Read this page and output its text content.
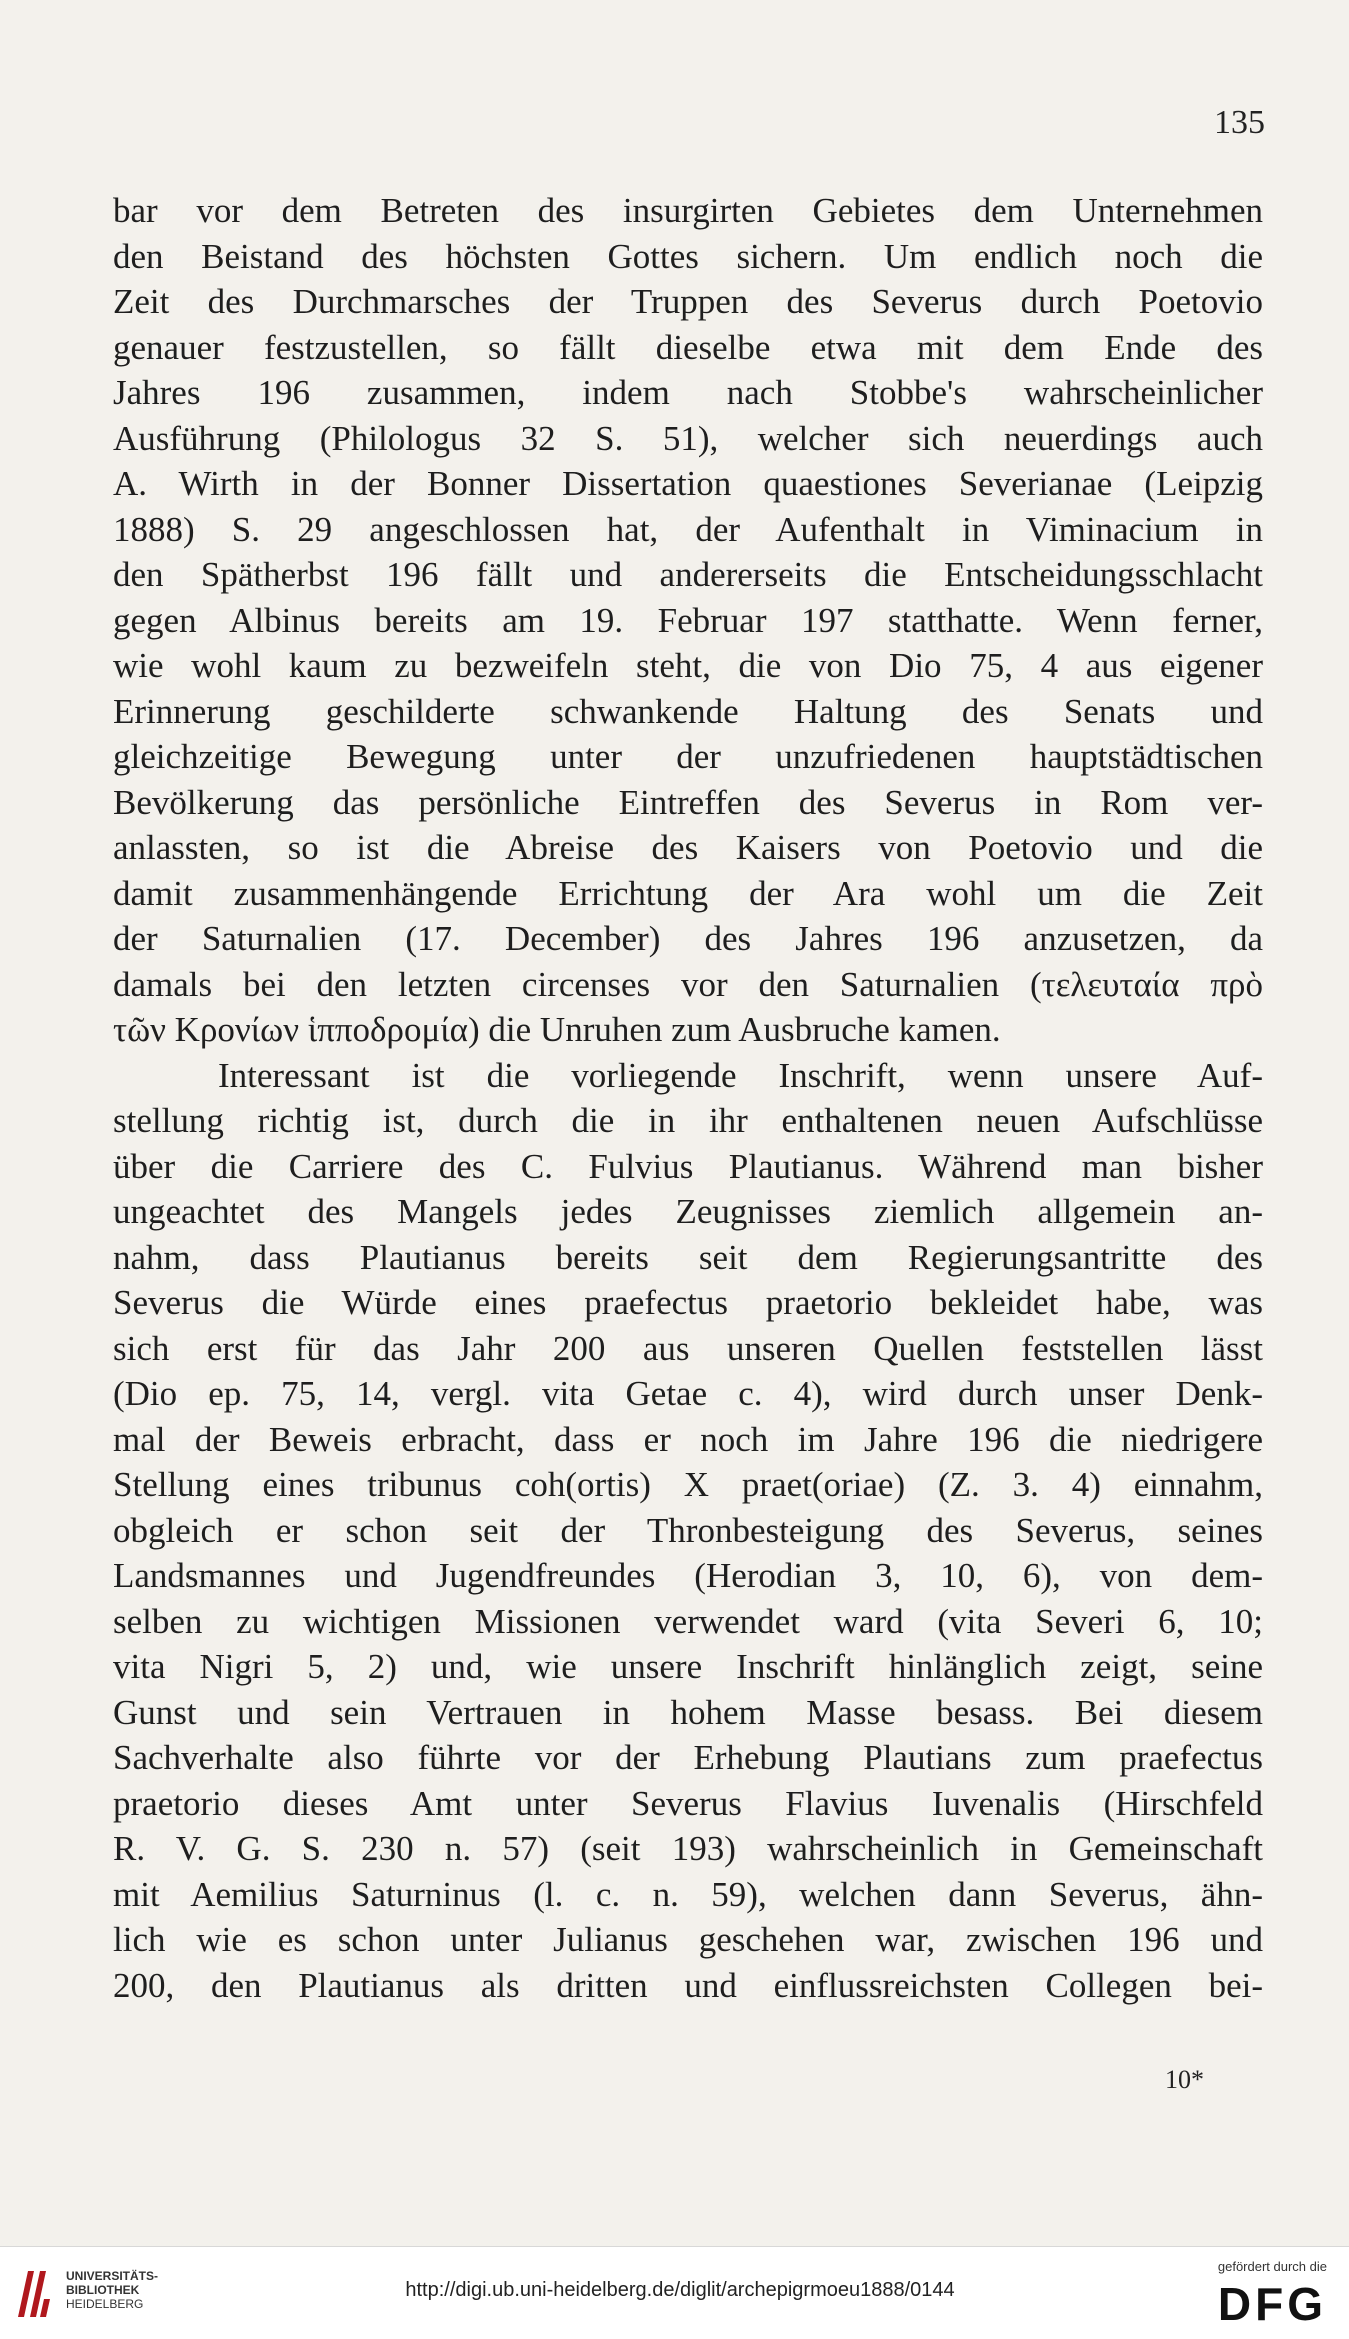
135
bar vor dem Betreten des insurgirten Gebietes dem Unternehmen
den Beistand des höchsten Gottes sichern. Um endlich noch die
Zeit des Durchmarsches der Truppen des Severus durch Poetovio
genauer festzustellen, so fällt dieselbe etwa mit dem Ende des
Jahres 196 zusammen, indem nach Stobbe's wahrscheinlicher
Ausführung (Philologus 32 S. 51), welcher sich neuerdings auch
A. Wirth in der Bonner Dissertation quaestiones Severianae (Leipzig
1888) S. 29 angeschlossen hat, der Aufenthalt in Viminacium in
den Spätherbst 196 fällt und andererseits die Entscheidungsschlacht
gegen Albinus bereits am 19. Februar 197 statthatte. Wenn ferner,
wie wohl kaum zu bezweifeln steht, die von Dio 75, 4 aus eigener
Erinnerung geschilderte schwankende Haltung des Senats und
gleichzeitige Bewegung unter der unzufriedenen hauptstädtischen
Bevölkerung das persönliche Eintreffen des Severus in Rom ver-
anlassten, so ist die Abreise des Kaisers von Poetovio und die
damit zusammenhängende Errichtung der Ara wohl um die Zeit
der Saturnalien (17. December) des Jahres 196 anzusetzen, da
damals bei den letzten circenses vor den Saturnalien (τελευταία πρὸ
τῶν Κρονίων ἱπποδρομία) die Unruhen zum Ausbruche kamen.
Interessant ist die vorliegende Inschrift, wenn unsere Auf-
stellung richtig ist, durch die in ihr enthaltenen neuen Aufschlüsse
über die Carriere des C. Fulvius Plautianus. Während man bisher
ungeachtet des Mangels jedes Zeugnisses ziemlich allgemein an-
nahm, dass Plautianus bereits seit dem Regierungsantritte des
Severus die Würde eines praefectus praetorio bekleidet habe, was
sich erst für das Jahr 200 aus unseren Quellen feststellen lässt
(Dio ep. 75, 14, vergl. vita Getae c. 4), wird durch unser Denk-
mal der Beweis erbracht, dass er noch im Jahre 196 die niedrigere
Stellung eines tribunus coh(ortis) X praet(oriae) (Z. 3. 4) einnahm,
obgleich er schon seit der Thronbesteigung des Severus, seines
Landsmannes und Jugendfreundes (Herodian 3, 10, 6), von dem-
selben zu wichtigen Missionen verwendet ward (vita Severi 6, 10;
vita Nigri 5, 2) und, wie unsere Inschrift hinlänglich zeigt, seine
Gunst und sein Vertrauen in hohem Masse besass. Bei diesem
Sachverhalte also führte vor der Erhebung Plautians zum praefectus
praetorio dieses Amt unter Severus Flavius Iuvenalis (Hirschfeld
R. V. G. S. 230 n. 57) (seit 193) wahrscheinlich in Gemeinschaft
mit Aemilius Saturninus (l. c. n. 59), welchen dann Severus, ähn-
lich wie es schon unter Julianus geschehen war, zwischen 196 und
200, den Plautianus als dritten und einflussreichsten Collegen bei-
10*
UNIVERSITÄTS-
BIBLIOTHEK
HEIDELBERG
http://digi.ub.uni-heidelberg.de/diglit/archepigrmoeu1888/0144
gefördert durch die
DFG
